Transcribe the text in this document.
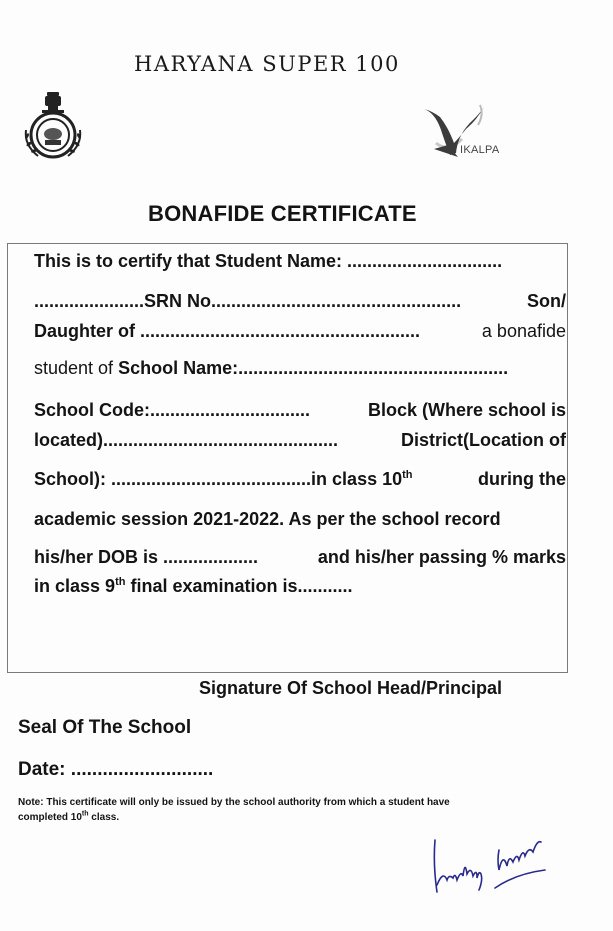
HARYANA SUPER 100
IKALPA
BONAFIDE CERTIFICATE
This is to certify that Student Name: ...............................
......................SRN No..................................................	Son/
Daughter of ........................................................	a bonafide
student of School Name:......................................................
School Code:................................	Block (Where school is
located)...............................................	District(Location of
School): ........................................in class 10th	during the
academic session 2021-2022. As per the school record
his/her DOB is ...................	and his/her passing % marks
in class 9th final examination is...........
Signature Of School Head/Principal
Seal Of The School
Date: ...........................
Note: This certificate will only be issued by the school authority from which a student have
completed 10th class.
